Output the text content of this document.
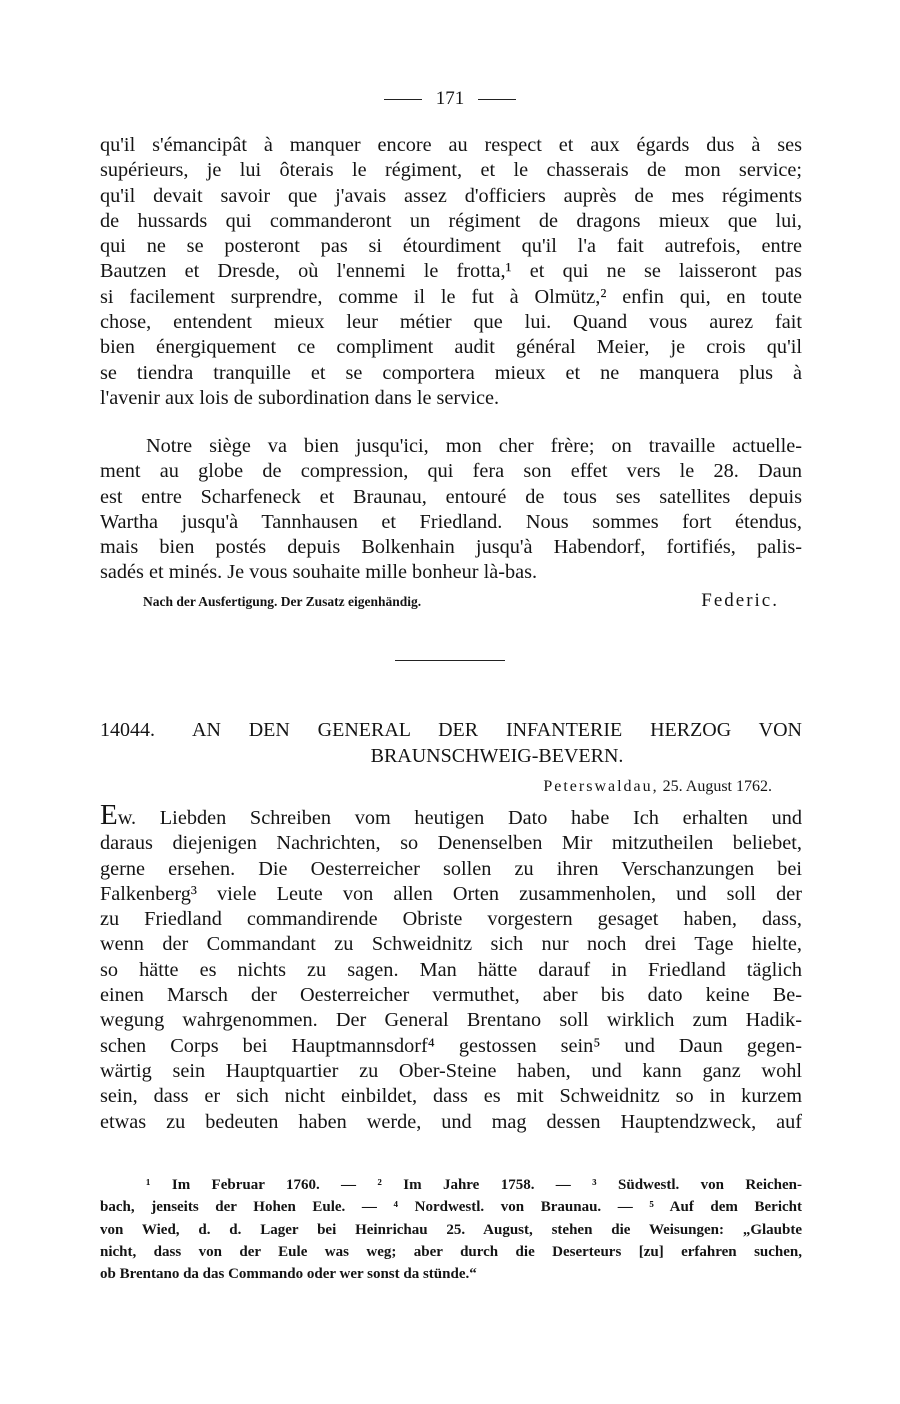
171
qu'il s'émancipât à manquer encore au respect et aux égards dus à ses
supérieurs, je lui ôterais le régiment, et le chasserais de mon service;
qu'il devait savoir que j'avais assez d'officiers auprès de mes régiments
de hussards qui commanderont un régiment de dragons mieux que lui,
qui ne se posteront pas si étourdiment qu'il l'a fait autrefois, entre
Bautzen et Dresde, où l'ennemi le frotta,¹ et qui ne se laisseront pas
si facilement surprendre, comme il le fut à Olmütz,² enfin qui, en toute
chose, entendent mieux leur métier que lui. Quand vous aurez fait
bien énergiquement ce compliment audit général Meier, je crois qu'il
se tiendra tranquille et se comportera mieux et ne manquera plus à
l'avenir aux lois de subordination dans le service.
Notre siège va bien jusqu'ici, mon cher frère; on travaille actuelle-
ment au globe de compression, qui fera son effet vers le 28. Daun
est entre Scharfeneck et Braunau, entouré de tous ses satellites depuis
Wartha jusqu'à Tannhausen et Friedland. Nous sommes fort étendus,
mais bien postés depuis Bolkenhain jusqu'à Habendorf, fortifiés, palis-
sadés et minés. Je vous souhaite mille bonheur là-bas.
Nach der Ausfertigung. Der Zusatz eigenhändig.	Federic.
14044.	AN DEN GENERAL DER INFANTERIE HERZOG VON
BRAUNSCHWEIG-BEVERN.
Peterswaldau, 25. August 1762.
Ew. Liebden Schreiben vom heutigen Dato habe Ich erhalten und
daraus diejenigen Nachrichten, so Denenselben Mir mitzutheilen beliebet,
gerne ersehen. Die Oesterreicher sollen zu ihren Verschanzungen bei
Falkenberg³ viele Leute von allen Orten zusammenholen, und soll der
zu Friedland commandirende Obriste vorgestern gesaget haben, dass,
wenn der Commandant zu Schweidnitz sich nur noch drei Tage hielte,
so hätte es nichts zu sagen. Man hätte darauf in Friedland täglich
einen Marsch der Oesterreicher vermuthet, aber bis dato keine Be-
wegung wahrgenommen. Der General Brentano soll wirklich zum Hadik-
schen Corps bei Hauptmannsdorf⁴ gestossen sein⁵ und Daun gegen-
wärtig sein Hauptquartier zu Ober-Steine haben, und kann ganz wohl
sein, dass er sich nicht einbildet, dass es mit Schweidnitz so in kurzem
etwas zu bedeuten haben werde, und mag dessen Hauptendzweck, auf
¹ Im Februar 1760. — ² Im Jahre 1758. — ³ Südwestl. von Reichen-
bach, jenseits der Hohen Eule. — ⁴ Nordwestl. von Braunau. — ⁵ Auf dem Bericht
von Wied, d. d. Lager bei Heinrichau 25. August, stehen die Weisungen: „Glaubte
nicht, dass von der Eule was weg; aber durch die Deserteurs [zu] erfahren suchen,
ob Brentano da das Commando oder wer sonst da stünde.“
